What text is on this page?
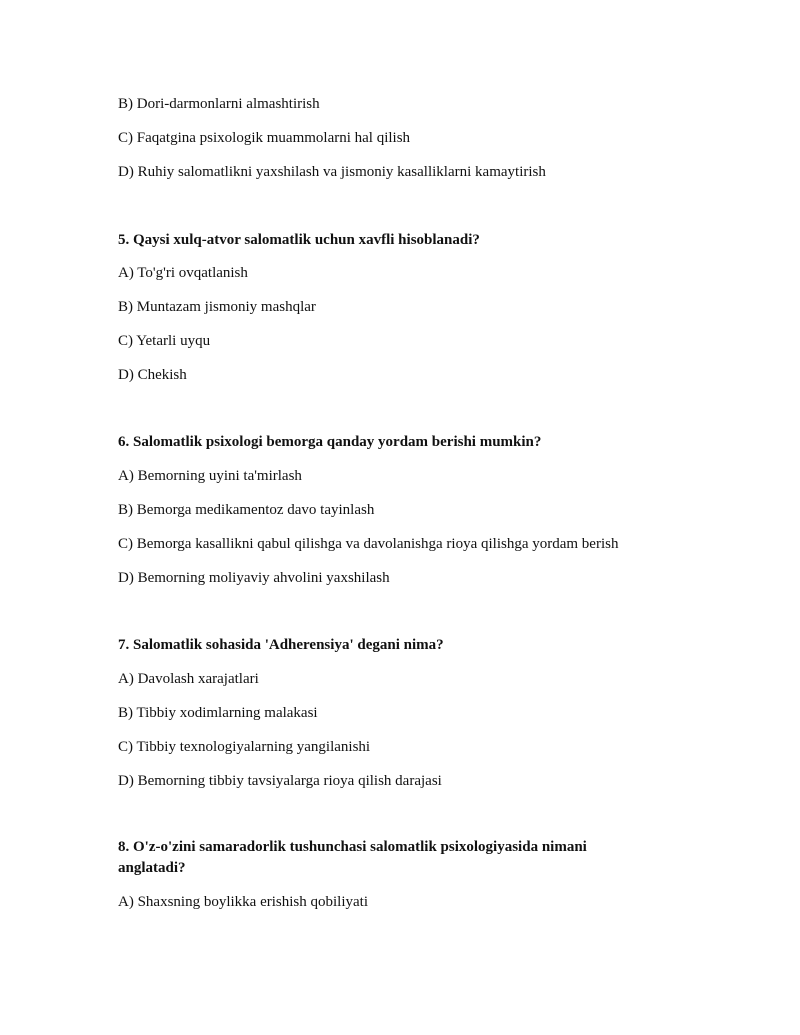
B) Dori-darmonlarni almashtirish
C) Faqatgina psixologik muammolarni hal qilish
D) Ruhiy salomatlikni yaxshilash va jismoniy kasalliklarni kamaytirish
5. Qaysi xulq-atvor salomatlik uchun xavfli hisoblanadi?
A) To'g'ri ovqatlanish
B) Muntazam jismoniy mashqlar
C) Yetarli uyqu
D) Chekish
6. Salomatlik psixologi bemorga qanday yordam berishi mumkin?
A) Bemorning uyini ta'mirlash
B) Bemorga medikamentoz davo tayinlash
C) Bemorga kasallikni qabul qilishga va davolanishga rioya qilishga yordam berish
D) Bemorning moliyaviy ahvolini yaxshilash
7. Salomatlik sohasida 'Adherensiya' degani nima?
A) Davolash xarajatlari
B) Tibbiy xodimlarning malakasi
C) Tibbiy texnologiyalarning yangilanishi
D) Bemorning tibbiy tavsiyalarga rioya qilish darajasi
8. O'z-o'zini samaradorlik tushunchasi salomatlik psixologiyasida nimani
anglatadi?
A) Shaxsning boylikka erishish qobiliyati
